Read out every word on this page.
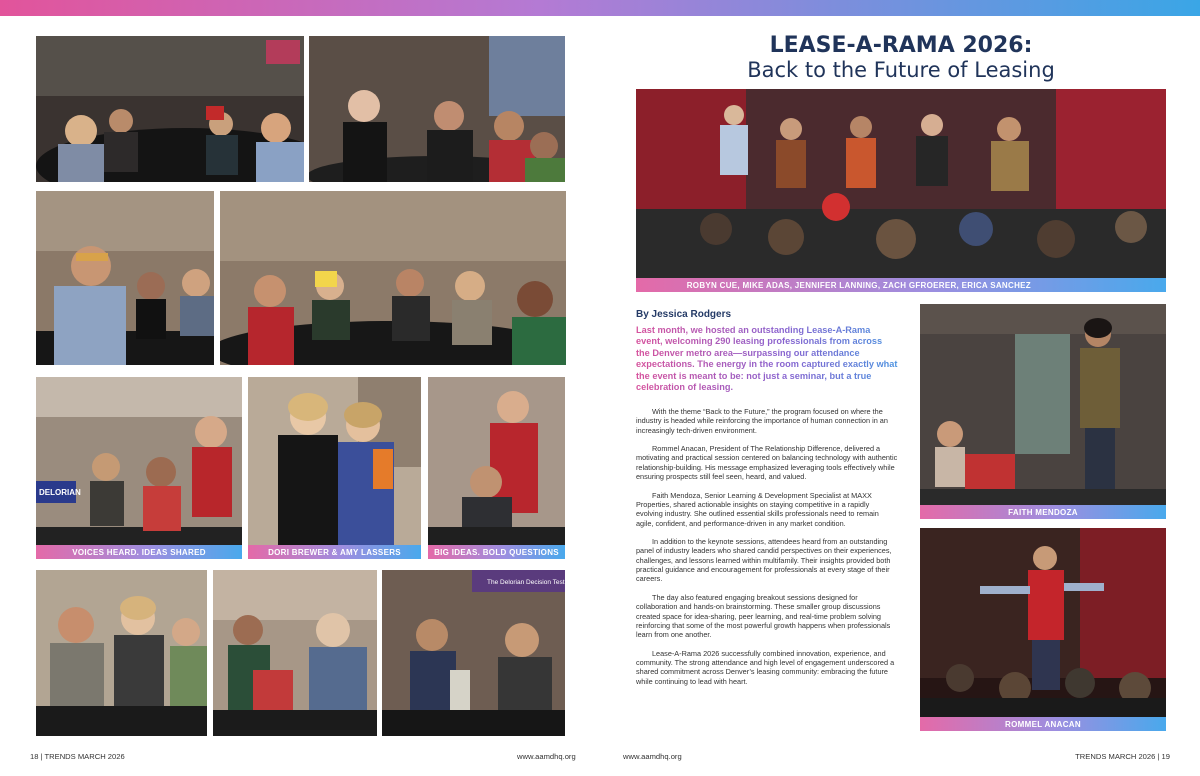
DELORIAN
VOICES HEARD. IDEAS SHARED	DORI BREWER & AMY LASSERS	BIG IDEAS. BOLD QUESTIONS
The Delorian Decision Test
LEASE-A-RAMA 2026:
Back to the Future of Leasing
ROBYN CUE, MIKE ADAS, JENNIFER LANNING, ZACH GFROERER, ERICA SANCHEZ
By Jessica Rodgers
Last month, we hosted an outstanding Lease-A-Rama event, welcoming 290 leasing professionals from across the Denver metro area—surpassing our attendance expectations. The energy in the room captured exactly what the event is meant to be: not just a seminar, but a true celebration of leasing.

With the theme “Back to the Future,” the program focused on where the industry is headed while reinforcing the importance of human connection in an increasingly tech-driven environment.

Rommel Anacan, President of The Relationship Difference, delivered a motivating and practical session centered on balancing technology with authentic relationship-building. His message emphasized leveraging tools effectively while ensuring prospects still feel seen, heard, and valued.

Faith Mendoza, Senior Learning & Development Specialist at MAXX Properties, shared actionable insights on staying competitive in a rapidly evolving industry. She outlined essential skills professionals need to remain agile, confident, and performance-driven in any market condition.

In addition to the keynote sessions, attendees heard from an outstanding panel of industry leaders who shared candid perspectives on their experiences, challenges, and lessons learned within multifamily. Their insights provided both practical guidance and encouragement for professionals at every stage of their careers.

The day also featured engaging breakout sessions designed for collaboration and hands-on brainstorming. These smaller group discussions created space for idea-sharing, peer learning, and real-time problem solving reinforcing that some of the most powerful growth happens when professionals learn from one another.

Lease-A-Rama 2026 successfully combined innovation, experience, and community. The strong attendance and high level of engagement underscored a shared commitment across Denver’s leasing community: embracing the future while continuing to lead with heart.

FAITH MENDOZA
ROMMEL ANACAN
18 | TRENDS MARCH 2026	www.aamdhq.org	www.aamdhq.org	TRENDS MARCH 2026 | 19
